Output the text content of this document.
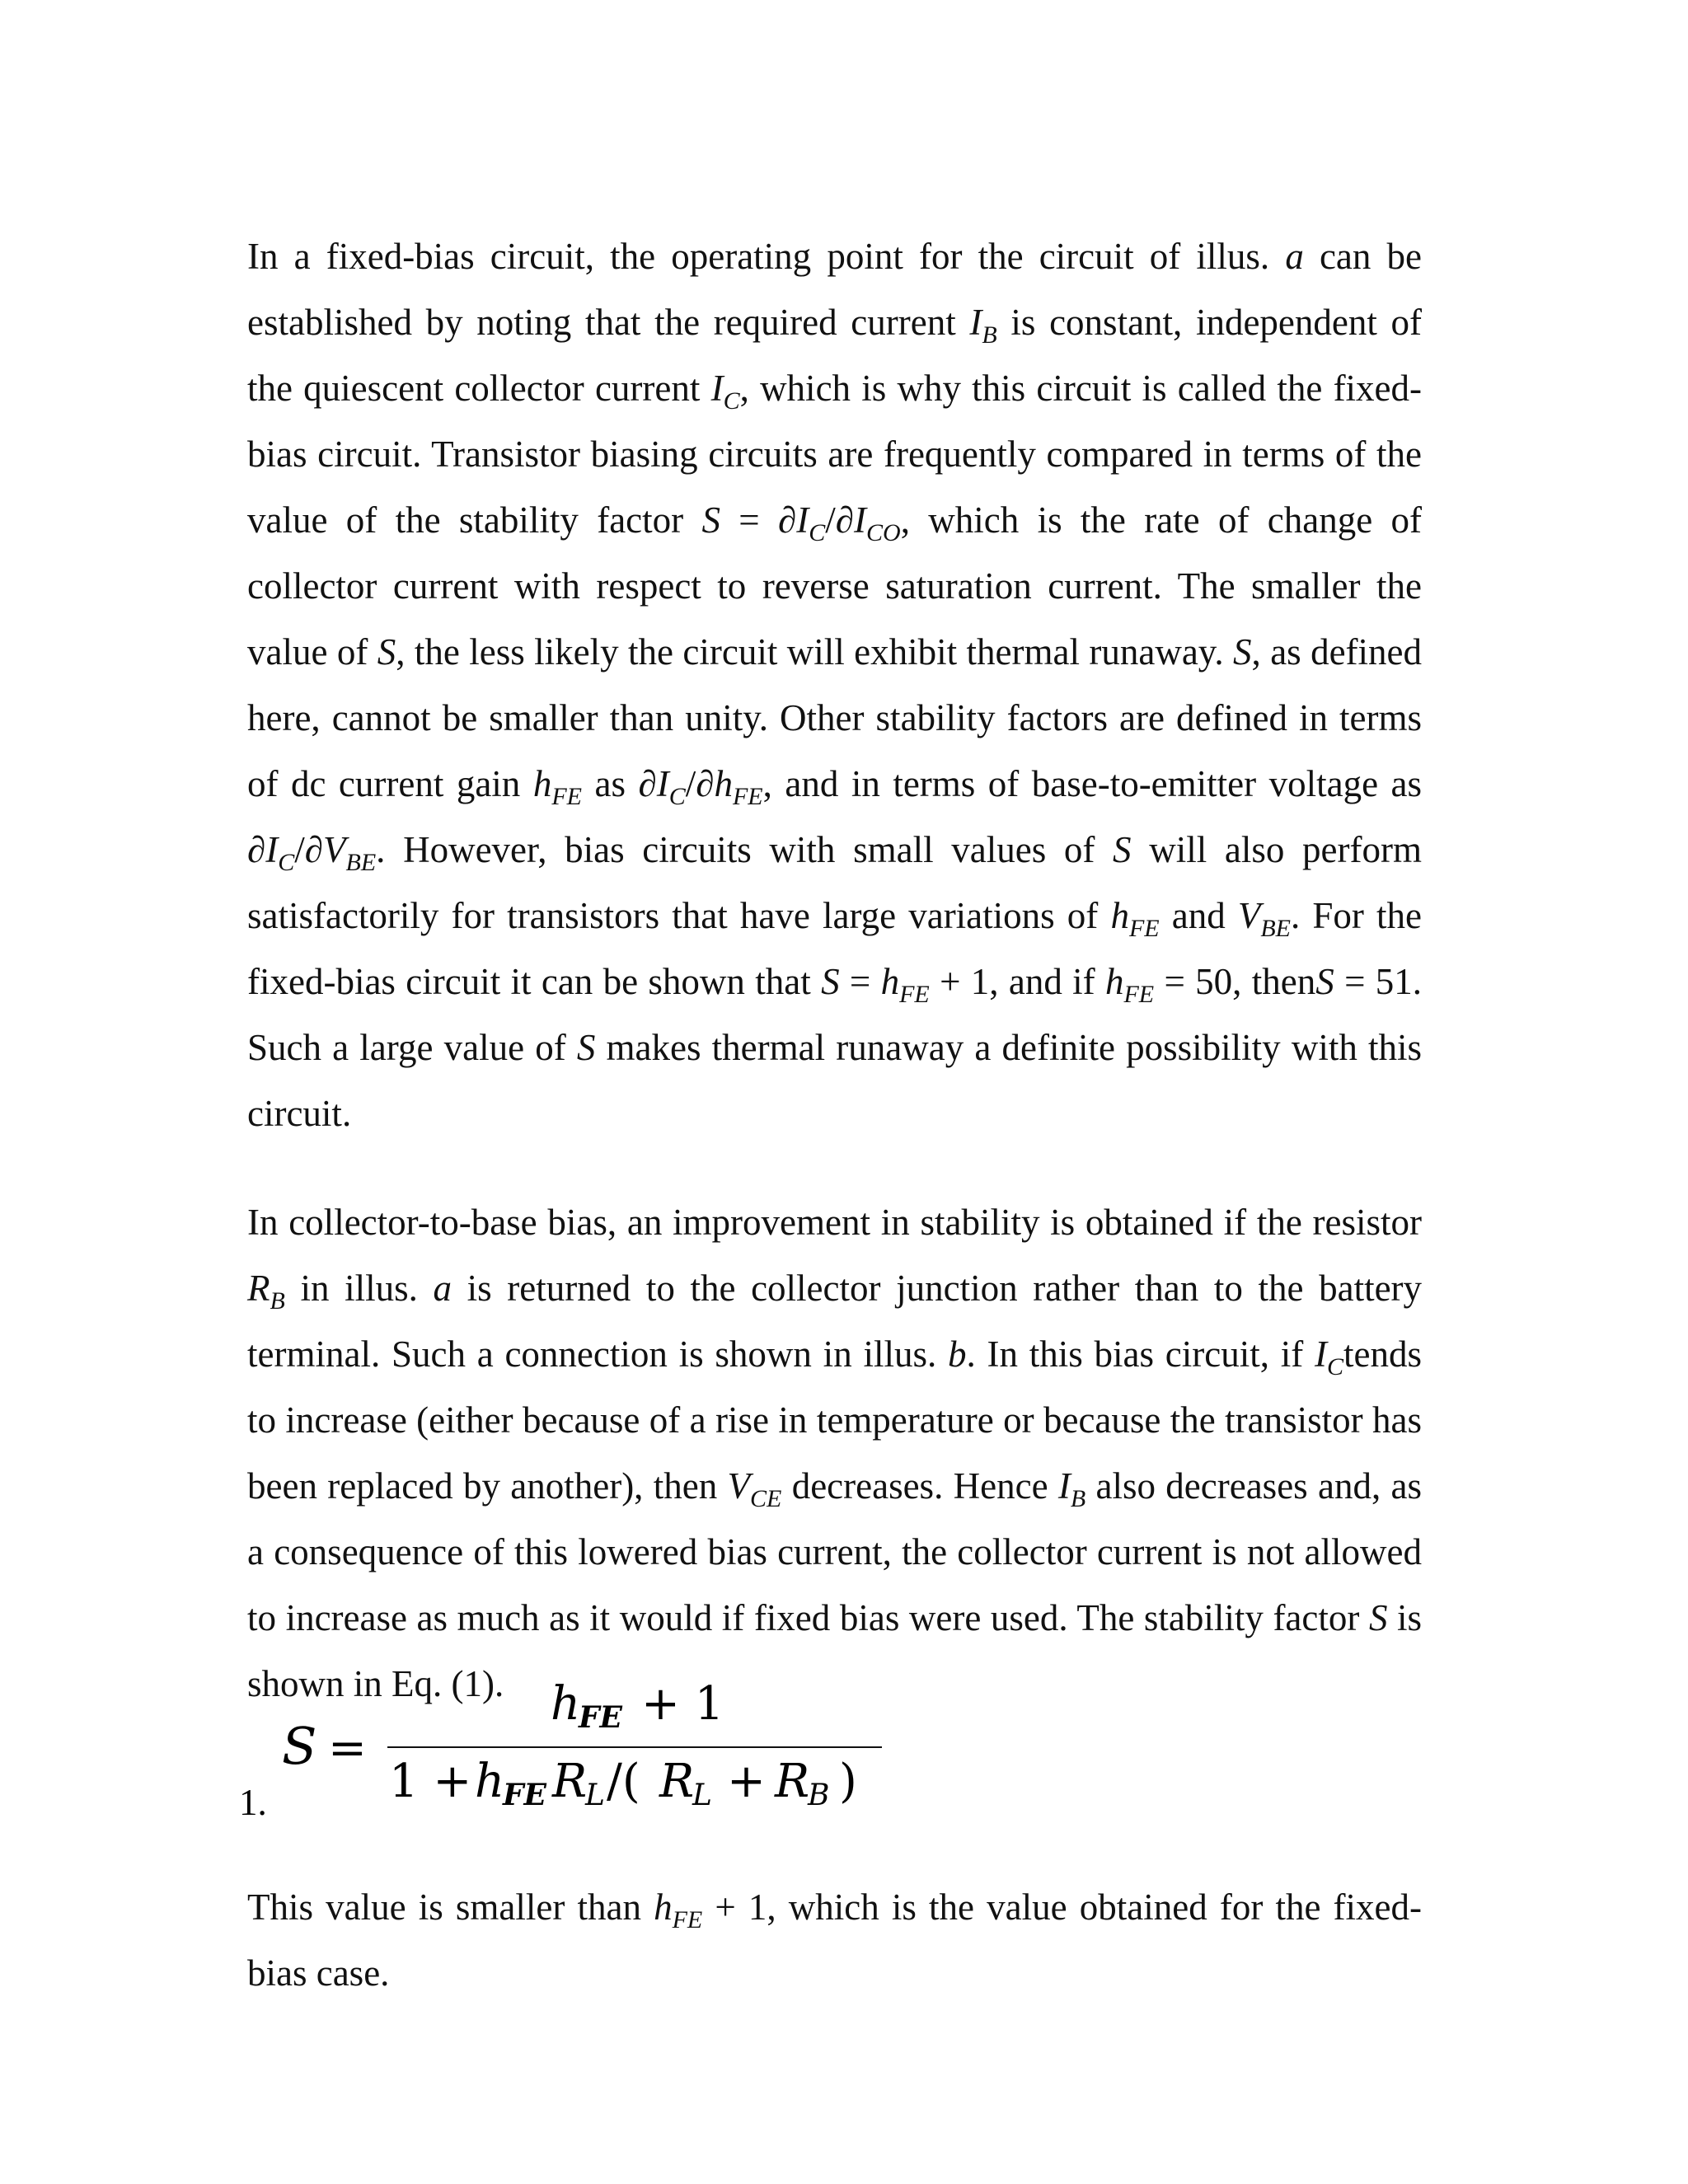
In a fixed-bias circuit, the operating point for the circuit of illus. a can be established by noting that the required current $I_B$ is constant, independent of the quiescent collector current $I_C$, which is why this circuit is called the fixed-bias circuit. Transistor biasing circuits are frequently compared in terms of the value of the stability factor $S = \partial I_C/\partial I_{CO}$, which is the rate of change of collector current with respect to reverse saturation current. The smaller the value of S, the less likely the circuit will exhibit thermal runaway. S, as defined here, cannot be smaller than unity. Other stability factors are defined in terms of dc current gain $h_{FE}$ as $\partial I_C/\partial h_{FE}$, and in terms of base-to-emitter voltage as $\partial I_C/\partial V_{BE}$. However, bias circuits with small values of S will also perform satisfactorily for transistors that have large variations of $h_{FE}$ and $V_{BE}$. For the fixed-bias circuit it can be shown that $S = h_{FE} + 1$, and if $h_{FE} = 50$, thenS = 51. Such a large value of S makes thermal runaway a definite possibility with this circuit.

In collector-to-base bias, an improvement in stability is obtained if the resistor $R_B$ in illus. a is returned to the collector junction rather than to the battery terminal. Such a connection is shown in illus. b. In this bias circuit, if $I_Ctends$ to increase (either because of a rise in temperature or because the transistor has been replaced by another), then $V_{CE}$ decreases. Hence $I_B$ also decreases and, as a consequence of this lowered bias current, the collector current is not allowed to increase as much as it would if fixed bias were used. The stability factor S is shown in Eq. (1).

1.
S =
h
FE + 1
1 + h
FE R
L /( R
L + R
B )

This value is smaller than $h_{FE} + 1$, which is the value obtained for the fixed-bias case.
